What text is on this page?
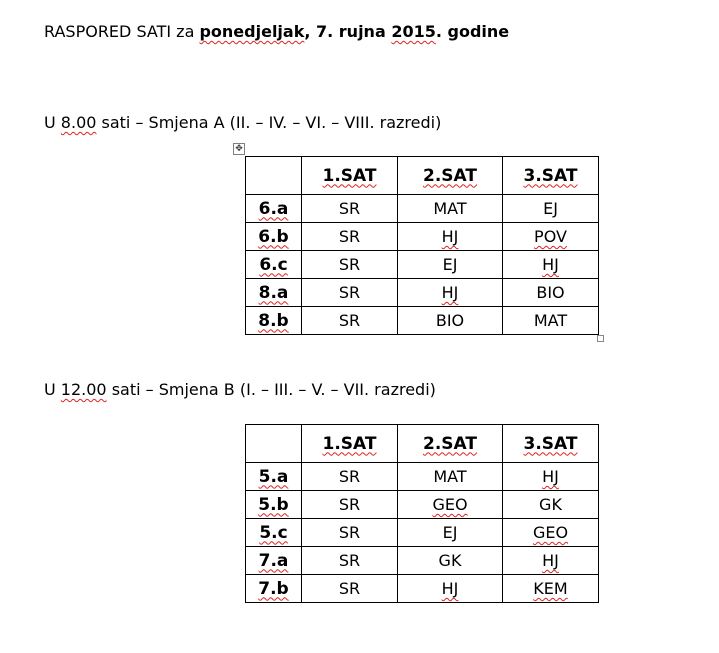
RASPORED SATI za ponedjeljak, 7. rujna 2015. godine
U 8.00 sati – Smjena A (II. – IV. – VI. – VIII. razredi)
✥
	1.SAT	2.SAT	3.SAT
6.a	SR	MAT	EJ
6.b	SR	HJ	POV
6.c	SR	EJ	HJ
8.a	SR	HJ	BIO
8.b	SR	BIO	MAT
U 12.00 sati – Smjena B (I. – III. – V. – VII. razredi)
	1.SAT	2.SAT	3.SAT
5.a	SR	MAT	HJ
5.b	SR	GEO	GK
5.c	SR	EJ	GEO
7.a	SR	GK	HJ
7.b	SR	HJ	KEM
